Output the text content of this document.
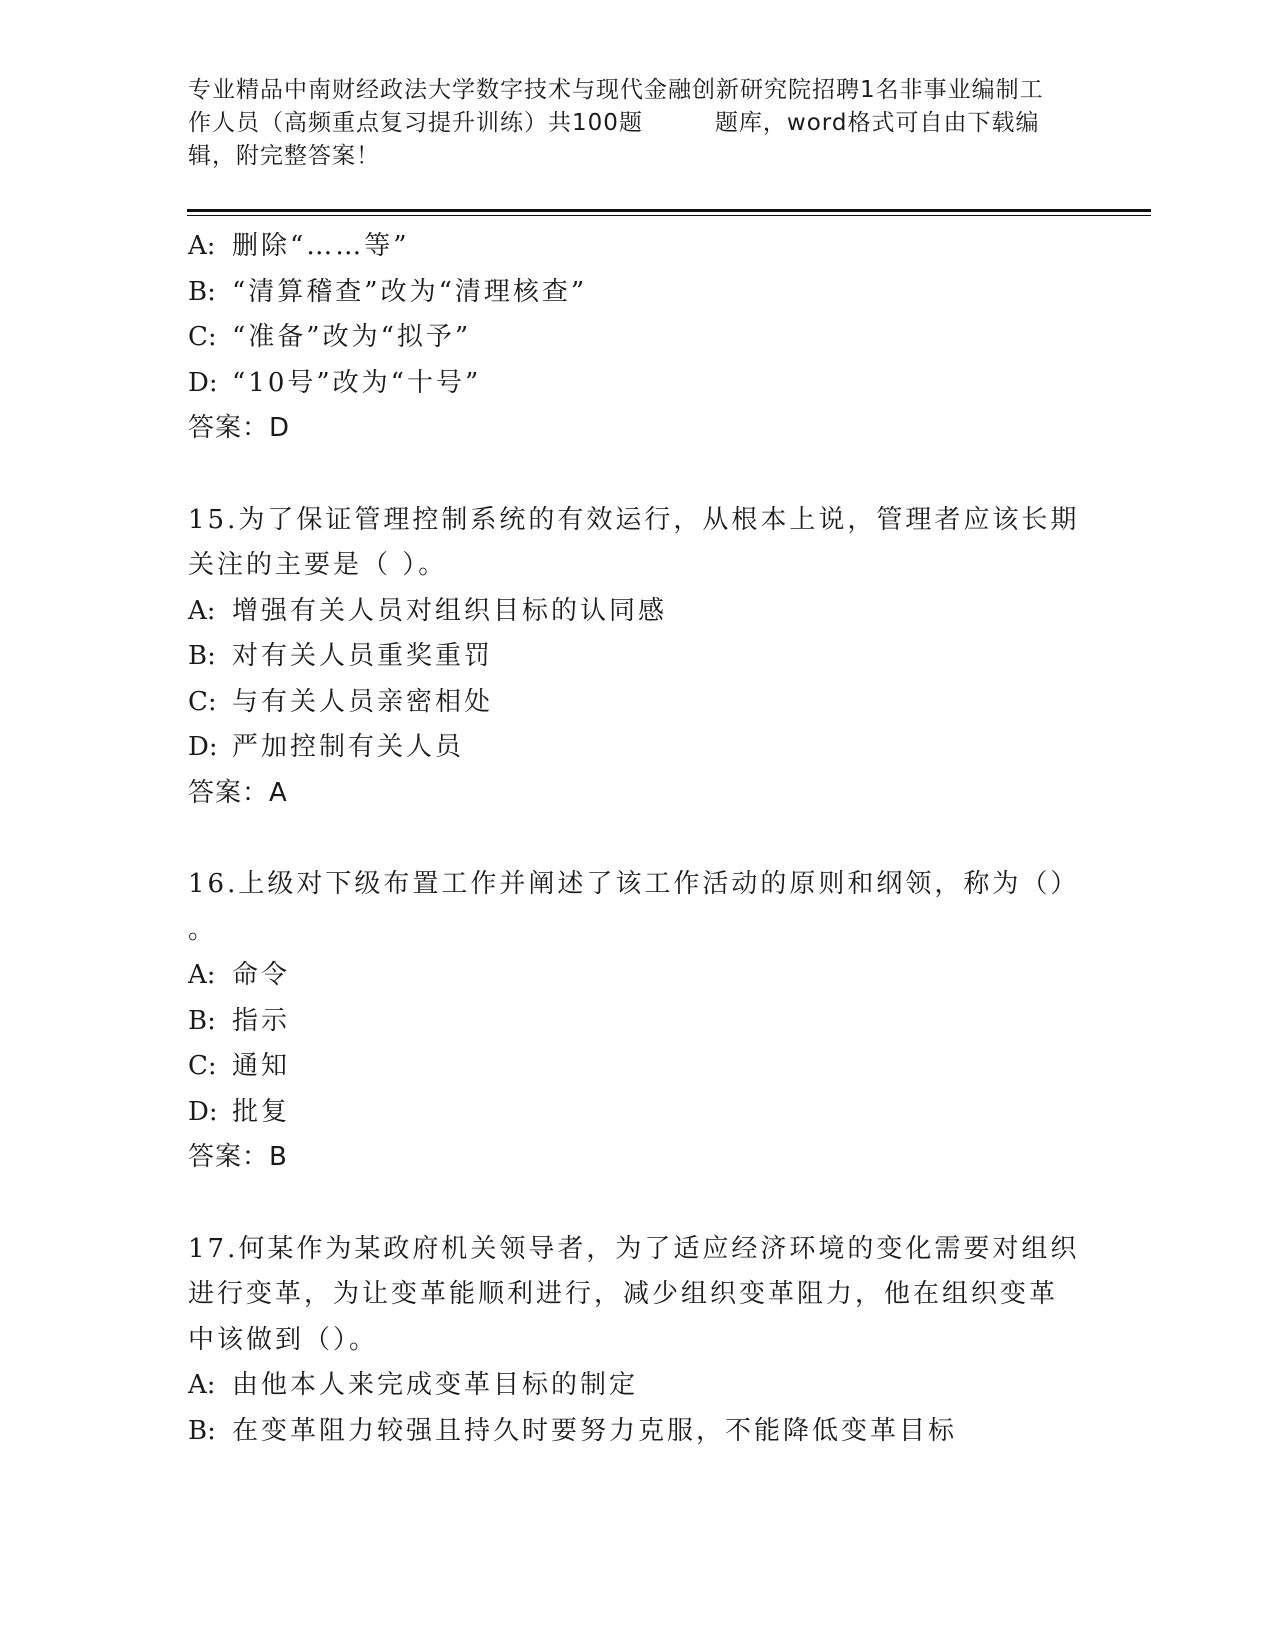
专业精品中南财经政法大学数字技术与现代金融创新研究院招聘1名非事业编制工
作人员（高频重点复习提升训练）共100题	题库，word格式可自由下载编
辑，附完整答案！
A: 删除“……等”
B: “清算稽查”改为“清理核查”
C: “准备”改为“拟予”
D: “10号”改为“十号”
答案：D
15.为了保证管理控制系统的有效运行，从根本上说，管理者应该长期
关注的主要是（ ）。
A: 增强有关人员对组织目标的认同感
B: 对有关人员重奖重罚
C: 与有关人员亲密相处
D: 严加控制有关人员
答案：A
16.上级对下级布置工作并阐述了该工作活动的原则和纲领，称为（）
。
A: 命令
B: 指示
C: 通知
D: 批复
答案：B
17.何某作为某政府机关领导者，为了适应经济环境的变化需要对组织
进行变革，为让变革能顺利进行，减少组织变革阻力，他在组织变革
中该做到（）。
A: 由他本人来完成变革目标的制定
B: 在变革阻力较强且持久时要努力克服，不能降低变革目标
